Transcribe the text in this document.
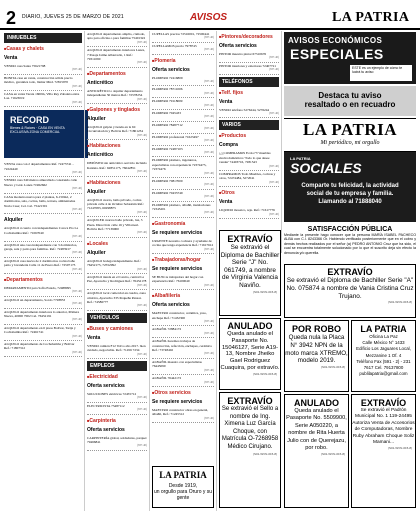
2 DIARIO, JUEVES 25 DE MARZO DE 2021	AVISOS	LA PATRIA
INMUEBLES
■ Casas y chalets
Venta
VENDO casa Santa 75621798
(837-40)
BONITA casa en venta, construcción sólida precio módico, garantiza todo, llamar Mnd. 72815970
(837-40)
CASA en venta Tarata 1600m, Villa Rey Zabaleta entre Laz. 71623019
(837-40)
RECORD
Bienes & Raíces · CASA EN VENTA EXCLUSIVA ZONA COMERCIAL
VENTA casa con 2 departamentos Ref. 72475741 - 72224440
(837-40)
VENDO casa 340 metros amurallado construido calle Nuevo y Gral. Lanza 71962662
(837-40)
CASA moderna nueva para 2 plantas, 6-150m2, 2 dormitorios, sala, cocina, baño, terraza, ambientadas Noria Casa; Cel. Cel. 75421301
(837-40)
Alquiler
ALQUILO 4 cuarto con independientes Cotoca Pto La Cochabamba Ref.: 71067040
(837-40)
ALQUILO una casa independiente con 3 dormitorios, garaje, sala y patio para familias. Ref.: 72483917
(837-40)
ALQUILO casa nueva de 2 dormitorios cocina baño patio y lavandería Calle 11 de Enero Ref.: 72507173
(837-40)
■ Departamentos
DEPARTAMENTO para Sofía Estado, 72488095
(837-40)
ALQUILO un departamento, Sordo 7728853
(837-40)
ALQUILO departamento interiores lo anterior, Primera Nueva, 40000 7002 Cel. 76452191
(837-40)
ALQUILO departamento en 6 pisos Bolivar, Tarija y Cochabamba Ref.: 72461741
(837-40)
ALQUILO departamento de Cochabamba y Bolívar Ref.: 71807312
(837-40)
ALQUILO departamento amplio, cómodo, apto para oficina o para familias 75401322
(837-40)
ALQUILO departamento interiores Lanza, 7 Pasaje Jaime Albarracín, 1 Ref.: 79311090
(837-40)
■ Departamentos
Anticrético
ANTICRÉTICO o alquiler departamento independiente 50 metros Ref.: 72578254
(837-40)
■ Galpones y tinglados
Alquiler
ALQUILO galpón y tienda en la 6C Circunvalación y Bolivia Ref.: 71801234
(837-40)
■ Habitaciones
Anticrético
DEPÓSITO sin anticrético servicio incluido Kantuta. Ref.: 62851175, 76042851
(837-40)
■ Habitaciones
Alquiler
ALQUILO cuarto, baño privado, cocina privada calle 4 de Octubre Sebastián Ref.: 71247083, 60298875
(837-40)
ALQUILER cuartos baño privado, luz, 3 Pieza. Dirección: calle 16 y Villarreal. Bolivia Ref.: 77139000
(837-40)
■ Locales
Alquiler
ALQUILO bodega independiente. Ref.: 76452175, 72552992
(837-40)
ALQUILO tienda en el Centro, central La Paz, Ayacucho y Rodríguez Ref.: 76452178
(837-40)
ALQUILO local comercial en cuadra, zona céntrica, Ayacucho 335 Pequeña Pensar. Ref.: 74586777
(837-40)
VEHÍCULOS
■ Buses y camiones
Venta
VENDO camión F12 Volvo año 2017. bien cuidado, negociable. Ref.: 71456 7234
(837-40)
EMPLEOS
■ Electricidad
Oferta servicios
SOLUCIONES eléctricas 72455712
(837-40)
ELECTRICISTA 75487112
(837-40)
■ Carpintería
Oferta servicios
CARPINTERÍA global, soldaduras, parquet 79466841
(837-40)
CUPELLAS precios 72516001, 72500441
(837-40)
CUPELLAMOS precio 7978745
(837-40)
■ Plomería
Oferta servicios
PLOMERO 72416809
(837-40)
PLOMERO 78711006
(837-40)
PLOMERO 79118009
(837-40)
PLOMERO 7045433
(837-40)
PLOMERO 78487712
(837-40)
PLOMERO profesional 71623497
(837-40)
PLOMERO 72487103
(837-40)
PLOMERO plomero, ingenieros, especialistas con experiencia 72374475, 72374476
(837-40)
PLOMERO 70817000
(837-40)
PLOMERO 70435749
(837-40)
PLOMERO plomero, albañil, instalaciones 72345201
(837-40)
■ Gastronomía
Se requiere servicios
URGENTE necesito cocinera y ayudante de cocina que tenga experiencia Ref.: 71617612
(837-40)
■ Trabajadoras/hogar
Se requiere servicios
SE BUSCA trabajadora del hogar con experiencia Ref.: 76100040
(837-40)
■ Albañilería
Oferta servicios
MAESTRO constructor, cerámica, yeso, enchape Ref.: 71432300
(837-40)
ALBAÑIL 72884172
(837-40)
ALBAÑIL hacemos trabajos de construcción, refacción, enchapes, cerámica Ref.: 73748402
(837-40)
ALBAÑIL maestro con especialistas 76445090
(837-40)
ALBAÑIL 76442172
(837-40)
■ Otros servicios
Se requiere servicios
MAESTRO constructor obras en general, albañil, Ref.: 71245312
(837-40)
LA PATRIA
Desde 1919,
un orgullo para Oruro y su gente
■ Pintores/decoradores
Oferta servicios
PINTOR maestro pintor 67510676
(837-40)
PINTOR interiores y exteriores 72407721
(837-40)
TELÉFONOS
■ Telf. fijos
Venta
VENDO teléfono 5276244, 5276244
(837-40)
VARIOS
■ Productos
Compra
¿¿¿COMPRAMOS Ecolo??? muebles electrodomésticos 'Todo lo que desee vender' 74403716, 7281543
(837-40)
COMPRAMOS Todo Muebles, cocinas y otros, 72474484, 5272041
(837-40)
■ Otros
Venta
LIQUIDO mosaico, reja. Ref.: 71617776
(837-40)
AVISOS ECONÓMICOS
ESPECIALES
ESTE es un ejemplo de cómo te lucirá tu aviso
Destaca tu aviso
resaltado o en recuadro
LA PATRIA
Mi periódico, mi orgullo
LA PATRIA
SOCIALES
Comparte tu felicidad, la actividad social de tu empresa y familia. Llamando al 71888040
SATISFACCIÓN PÚBLICA
Mediante la presente hago conocer que la persona MARÍA ISABEL PACHECO ALBA con C.I. 8243366 Or. Habiendo verificado posteriormente que en el cobro y demás hechos realizados por el señor (a) PEDRO ANTONIO Cruz que ha sido, el cual se encuentra totalmente solucionado por lo que el suscrito deja sin efecto la denuncia y/o querella.
EXTRAVÍO
Se extravió el Diploma de Bachiller Serie "J" No. 061749, a nombre de Virginia Valencia Naviño.
(S01-WVN-015-8)
ANULADO
Queda anulado el Pasaporte No. 15046127, Serie A19-13, Nombre Jheiko Gael Rodriguez Cuaquira, por extravío.
(S01-WVN-015-8)
EXTRAVÍO
Se extravió el Sello a nombre de Ing. Ximena Luz García Choque, con Matrícula O-7268958 Médico Cirujano.
(S01-WVN-015-8)
EXTRAVÍO
Se extravió el Diploma de Bachiller Serie "A" No. 075874 a nombre de Vania Cristina Cruz Trujano.
(S01-WVN-015-8)
POR ROBO
Queda nula la Placa N° 3942 NPN de la moto marca XTREMO, modelo 2019.
(S01-WVN-015-8)
LA PATRIA
Oficina La Paz
Calle México N° 1433
Edificio Los Jaguares Local, Mezzanine 1 Of. 4
Teléfono Fax (591 - 2) - 231 7617 Cel. 79137800
publilapatria@gmail.com
ANULADO
Queda anulado el Pasaporte No. 5509900, Serie A050220, a nombre de Rita Huerta Julio con de Querejazu, por robo.
(S01-WVN-015-8)
EXTRAVÍO
Se extravió el Padrón Municipal No. 1 119-24495 Autoriza Venta de Accesorios de Computadoras, Nombre Ruby Abraham Choque Soliz Mamani...
(S01-WVN-015-8)
